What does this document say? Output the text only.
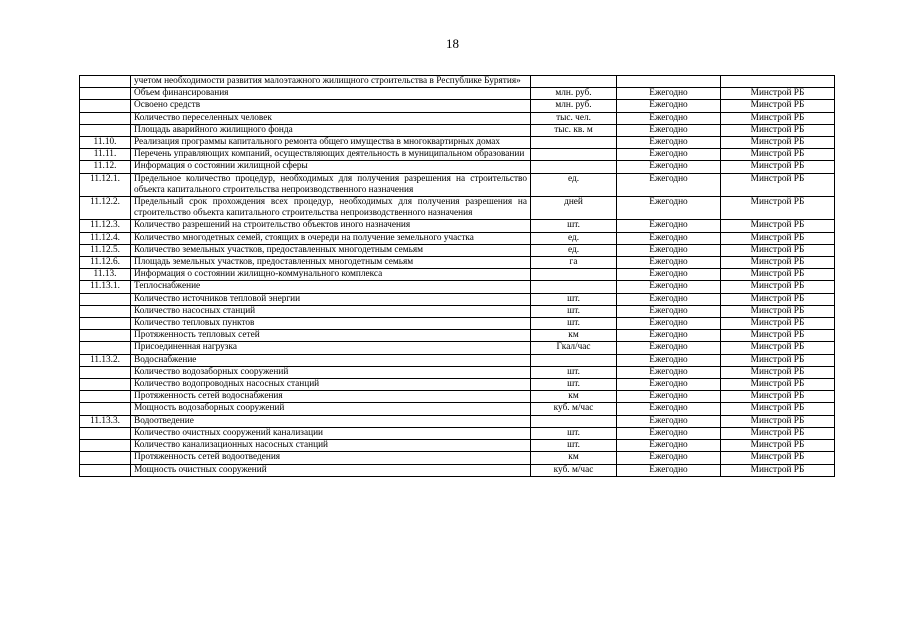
18
	учетом необходимости развития малоэтажного жилищного строительства в Республике Бурятия»			
	Объем финансирования	млн. руб.	Ежегодно	Минстрой РБ
	Освоено средств	млн. руб.	Ежегодно	Минстрой РБ
	Количество переселенных человек	тыс. чел.	Ежегодно	Минстрой РБ
	Площадь аварийного жилищного фонда	тыс. кв. м	Ежегодно	Минстрой РБ
11.10.	Реализация программы капитального ремонта общего имущества в многоквартирных домах		Ежегодно	Минстрой РБ
11.11.	Перечень управляющих компаний, осуществляющих деятельность в муниципальном образовании		Ежегодно	Минстрой РБ
11.12.	Информация о состоянии жилищной сферы		Ежегодно	Минстрой РБ
11.12.1.	Предельное количество процедур, необходимых для получения разрешения на строительство объекта капитального строительства непроизводственного назначения	ед.	Ежегодно	Минстрой РБ
11.12.2.	Предельный срок прохождения всех процедур, необходимых для получения разрешения на строительство объекта капитального строительства непроизводственного назначения	дней	Ежегодно	Минстрой РБ
11.12.3.	Количество разрешений на строительство объектов иного назначения	шт.	Ежегодно	Минстрой РБ
11.12.4.	Количество многодетных семей, стоящих в очереди на получение земельного участка	ед.	Ежегодно	Минстрой РБ
11.12.5.	Количество земельных участков, предоставленных многодетным семьям	ед.	Ежегодно	Минстрой РБ
11.12.6.	Площадь земельных участков, предоставленных многодетным семьям	га	Ежегодно	Минстрой РБ
11.13.	Информация о состоянии жилищно-коммунального комплекса		Ежегодно	Минстрой РБ
11.13.1.	Теплоснабжение		Ежегодно	Минстрой РБ
	Количество источников тепловой энергии	шт.	Ежегодно	Минстрой РБ
	Количество насосных станций	шт.	Ежегодно	Минстрой РБ
	Количество тепловых пунктов	шт.	Ежегодно	Минстрой РБ
	Протяженность тепловых сетей	км	Ежегодно	Минстрой РБ
	Присоединенная нагрузка	Гкал/час	Ежегодно	Минстрой РБ
11.13.2.	Водоснабжение		Ежегодно	Минстрой РБ
	Количество водозаборных сооружений	шт.	Ежегодно	Минстрой РБ
	Количество водопроводных насосных станций	шт.	Ежегодно	Минстрой РБ
	Протяженность сетей водоснабжения	км	Ежегодно	Минстрой РБ
	Мощность водозаборных сооружений	куб. м/час	Ежегодно	Минстрой РБ
11.13.3.	Водоотведение		Ежегодно	Минстрой РБ
	Количество очистных сооружений канализации	шт.	Ежегодно	Минстрой РБ
	Количество канализационных насосных станций	шт.	Ежегодно	Минстрой РБ
	Протяженность сетей водоотведения	км	Ежегодно	Минстрой РБ
	Мощность очистных сооружений	куб. м/час	Ежегодно	Минстрой РБ
